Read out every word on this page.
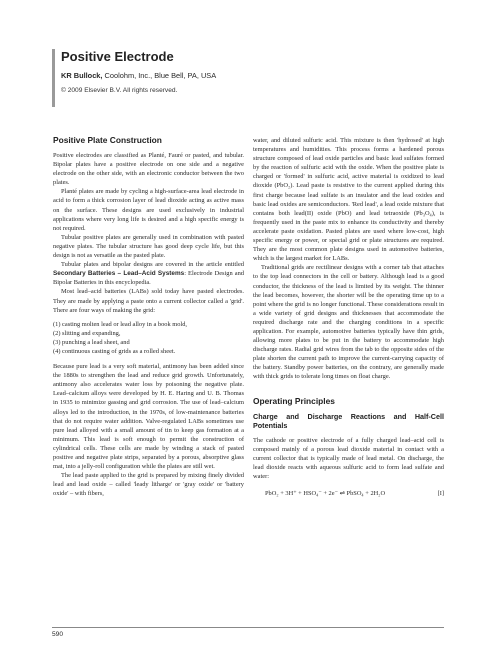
Positive Electrode
KR Bullock, Coolohm, Inc., Blue Bell, PA, USA
© 2009 Elsevier B.V. All rights reserved.
Positive Plate Construction

Positive electrodes are classified as Planté, Fauré or pasted, and tubular. Bipolar plates have a positive electrode on one side and a negative electrode on the other side, with an electronic conductor between the two plates.

Planté plates are made by cycling a high-surface-area lead electrode in acid to form a thick corrosion layer of lead dioxide acting as active mass on the surface. These designs are used exclusively in industrial applications where very long life is desired and a high specific energy is not required.

Tubular positive plates are generally used in combination with pasted negative plates. The tubular structure has good deep cycle life, but this design is not as versatile as the pasted plate.

Tubular plates and bipolar designs are covered in the article entitled Secondary Batteries – Lead–Acid Systems: Electrode Design and Bipolar Batteries in this encyclopedia.

Most lead–acid batteries (LABs) sold today have pasted electrodes. They are made by applying a paste onto a current collector called a 'grid'. There are four ways of making the grid:

(1) casting molten lead or lead alloy in a book mold,
(2) slitting and expanding,
(3) punching a lead sheet, and
(4) continuous casting of grids as a rolled sheet.

Because pure lead is a very soft material, antimony has been added since the 1880s to strengthen the lead and reduce grid growth. Unfortunately, antimony also accelerates water loss by poisoning the negative plate. Lead–calcium alloys were developed by H. E. Haring and U. B. Thomas in 1935 to minimize gassing and grid corrosion. The use of lead–calcium alloys led to the introduction, in the 1970s, of low-maintenance batteries that do not require water addition. Valve-regulated LABs sometimes use pure lead alloyed with a small amount of tin to keep gas formation at a minimum. This lead is soft enough to permit the construction of cylindrical cells. These cells are made by winding a stack of pasted positive and negative plate strips, separated by a porous, absorptive glass mat, into a jelly-roll configuration while the plates are still wet.

The lead paste applied to the grid is prepared by mixing finely divided lead and lead oxide – called 'leady litharge' or 'gray oxide' or 'battery oxide' – with fibers,

water, and diluted sulfuric acid. This mixture is then 'hydrosed' at high temperatures and humidities. This process forms a hardened porous structure composed of lead oxide particles and basic lead sulfates formed by the reaction of sulfuric acid with the oxide. When the positive plate is charged or 'formed' in sulfuric acid, active material is oxidized to lead dioxide (PbO₂). Lead paste is resistive to the current applied during this first charge because lead sulfate is an insulator and the lead oxides and basic lead oxides are semiconductors. 'Red lead', a lead oxide mixture that contains both lead(II) oxide (PbO) and lead tetraoxide (Pb₃O₄), is frequently used in the paste mix to enhance its conductivity and thereby accelerate paste oxidation. Pasted plates are used where low-cost, high specific energy or power, or special grid or plate structures are required. They are the most common plate designs used in automotive batteries, which is the largest market for LABs.

Traditional grids are rectilinear designs with a corner tab that attaches to the top lead connectors in the cell or battery. Although lead is a good conductor, the thickness of the lead is limited by its weight. The thinner the lead becomes, however, the shorter will be the operating time up to a point where the grid is no longer functional. These considerations result in a wide variety of grid designs and thicknesses that accommodate the required discharge rate and the charging conditions in a specific application. For example, automotive batteries typically have thin grids, allowing more plates to be put in the battery to accommodate high discharge rates. Radial grid wires from the tab to the opposite sides of the plate shorten the current path to improve the current-carrying capacity of the battery. Standby power batteries, on the contrary, are generally made with thick grids to tolerate long times on float charge.

Operating Principles
Charge and Discharge Reactions and Half-Cell Potentials

The cathode or positive electrode of a fully charged lead–acid cell is composed mainly of a porous lead dioxide material in contact with a current collector that is typically made of lead metal. On discharge, the lead dioxide reacts with aqueous sulfuric acid to form lead sulfate and water:

PbO₂ + 3H⁺ + HSO₄⁻ + 2e⁻ ⇌ PbSO₄ + 2H₂O	[I]
590
